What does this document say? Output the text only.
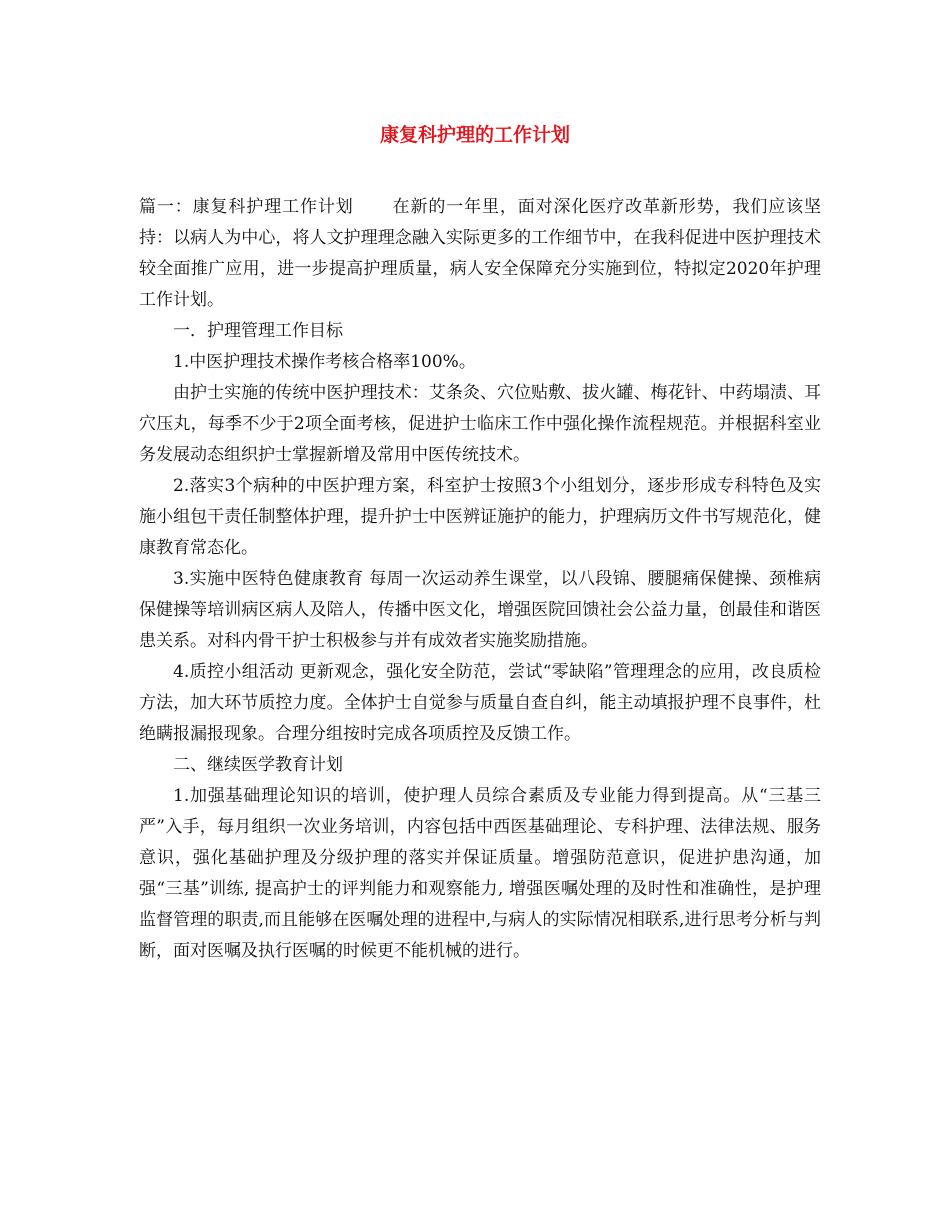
康复科护理的工作计划

篇一：康复科护理工作计划 在新的一年里，面对深化医疗改革新形势，我们应该坚持：以病人为中心，将人文护理理念融入实际更多的工作细节中，在我科促进中医护理技术较全面推广应用，进一步提高护理质量，病人安全保障充分实施到位，特拟定2020年护理工作计划。

一．护理管理工作目标

1.中医护理技术操作考核合格率100%。

由护士实施的传统中医护理技术：艾条灸、穴位贴敷、拔火罐、梅花针、中药塌渍、耳穴压丸，每季不少于2项全面考核，促进护士临床工作中强化操作流程规范。并根据科室业务发展动态组织护士掌握新增及常用中医传统技术。

2.落实3个病种的中医护理方案，科室护士按照3个小组划分，逐步形成专科特色及实施小组包干责任制整体护理，提升护士中医辨证施护的能力，护理病历文件书写规范化，健康教育常态化。

3.实施中医特色健康教育 每周一次运动养生课堂，以八段锦、腰腿痛保健操、颈椎病保健操等培训病区病人及陪人，传播中医文化，增强医院回馈社会公益力量，创最佳和谐医患关系。对科内骨干护士积极参与并有成效者实施奖励措施。

4.质控小组活动 更新观念，强化安全防范，尝试“零缺陷”管理理念的应用，改良质检方法，加大环节质控力度。全体护士自觉参与质量自查自纠，能主动填报护理不良事件，杜绝瞒报漏报现象。合理分组按时完成各项质控及反馈工作。

二、继续医学教育计划

1.加强基础理论知识的培训，使护理人员综合素质及专业能力得到提高。从“三基三严”入手，每月组织一次业务培训，内容包括中西医基础理论、专科护理、法律法规、服务意识，强化基础护理及分级护理的落实并保证质量。增强防范意识，促进护患沟通，加强“三基”训练, 提高护士的评判能力和观察能力, 增强医嘱处理的及时性和准确性，是护理监督管理的职责,而且能够在医嘱处理的进程中,与病人的实际情况相联系,进行思考分析与判断，面对医嘱及执行医嘱的时候更不能机械的进行。
